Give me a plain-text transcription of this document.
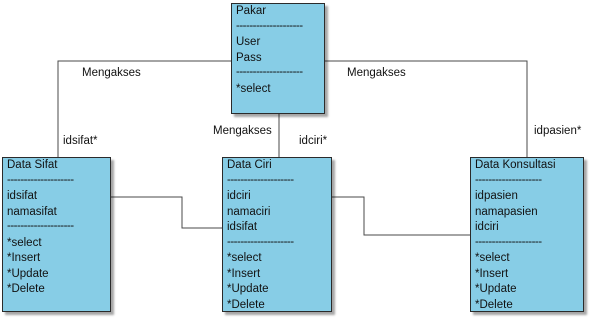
Pakar
--------------------
User
Pass
--------------------
*select
Data Sifat
--------------------
idsifat
namasifat
--------------------
*select
*Insert
*Update
*Delete
Data Ciri
--------------------
idciri
namaciri
idsifat
--------------------
*select
*Insert
*Update
*Delete
Data Konsultasi
--------------------
idpasien
namapasien
idciri
--------------------
*select
*Insert
*Update
*Delete
Mengakses	Mengakses
Mengakses
idsifat*	idciri*
idpasien*
